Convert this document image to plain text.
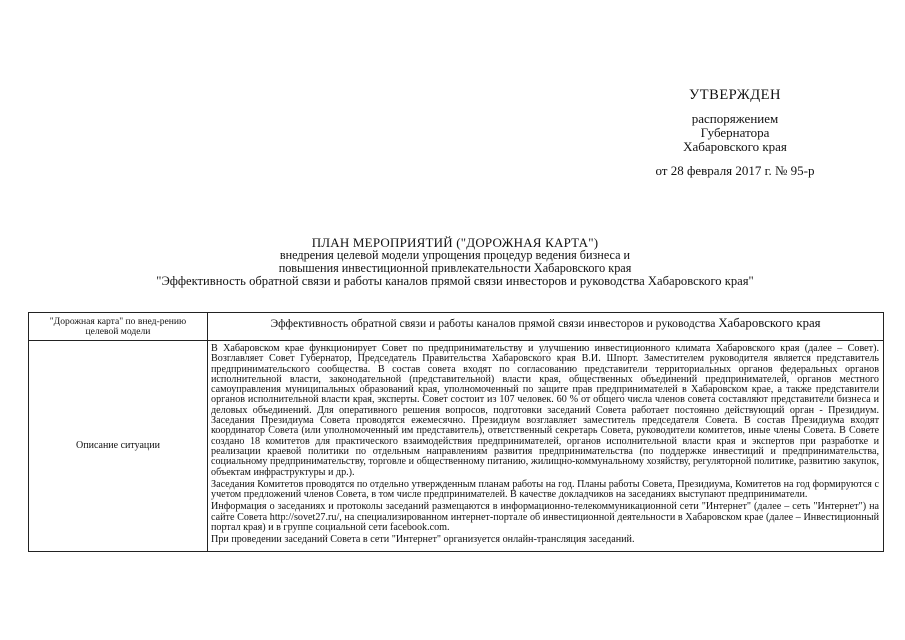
УТВЕРЖДЕН
распоряжением
Губернатора
Хабаровского края
от 28 февраля 2017 г. № 95-р
ПЛАН МЕРОПРИЯТИЙ ("ДОРОЖНАЯ КАРТА")
внедрения целевой модели упрощения процедур ведения бизнеса и
повышения инвестиционной привлекательности Хабаровского края
"Эффективность обратной связи и работы каналов прямой связи инвесторов и руководства Хабаровского края"
"Дорожная карта" по внед-рению целевой модели	Эффективность обратной связи и работы каналов прямой связи инвесторов и руководства Хабаровского края
Описание ситуации	В Хабаровском крае функционирует Совет по предпринимательству и улучшению инвестиционного климата Хабаровского края (далее – Совет). Возглавляет Совет Губернатор, Председатель Правительства Хабаровского края В.И. Шпорт. Заместителем руководителя является представитель предпринимательского сообщества. В состав совета входят по согласованию представители территориальных органов федеральных органов исполнительной власти, законодательной (представительной) власти края, общественных объединений предпринимателей, органов местного самоуправления муниципальных образований края, уполномоченный по защите прав предпринимателей в Хабаровском крае, а также представители органов исполнительной власти края, эксперты. Совет состоит из 107 человек. 60 % от общего числа членов совета составляют представители бизнеса и деловых объединений. Для оперативного решения вопросов, подготовки заседаний Совета работает постоянно действующий орган - Президиум. Заседания Президиума Совета проводятся ежемесячно. Президиум возглавляет заместитель председателя Совета. В состав Президиума входят координатор Совета (или уполномоченный им представитель), ответственный секретарь Совета, руководители комитетов, иные члены Совета. В Совете создано 18 комитетов для практического взаимодействия предпринимателей, органов исполнительной власти края и экспертов при разработке и реализации краевой политики по отдельным направлениям развития предпринимательства (по поддержке инвестиций и предпринимательства, социальному предпринимательству, торговле и общественному питанию, жилищно-коммунальному хозяйству, регуляторной политике, развитию закупок, объектам инфраструктуры и др.).

Заседания Комитетов проводятся по отдельно утвержденным планам работы на год. Планы работы Совета, Президиума, Комитетов на год формируются с учетом предложений членов Совета, в том числе предпринимателей. В качестве докладчиков на заседаниях выступают предприниматели.

Информация о заседаниях и протоколы заседаний размещаются в информационно-телекоммуникационной сети "Интернет" (далее – сеть "Интернет") на сайте Совета http://sovet27.ru/, на специализированном интернет-портале об инвестиционной деятельности в Хабаровском крае (далее – Инвестиционный портал края) и в группе социальной сети facebook.com.

При проведении заседаний Совета в сети "Интернет" организуется онлайн-трансляция заседаний.
